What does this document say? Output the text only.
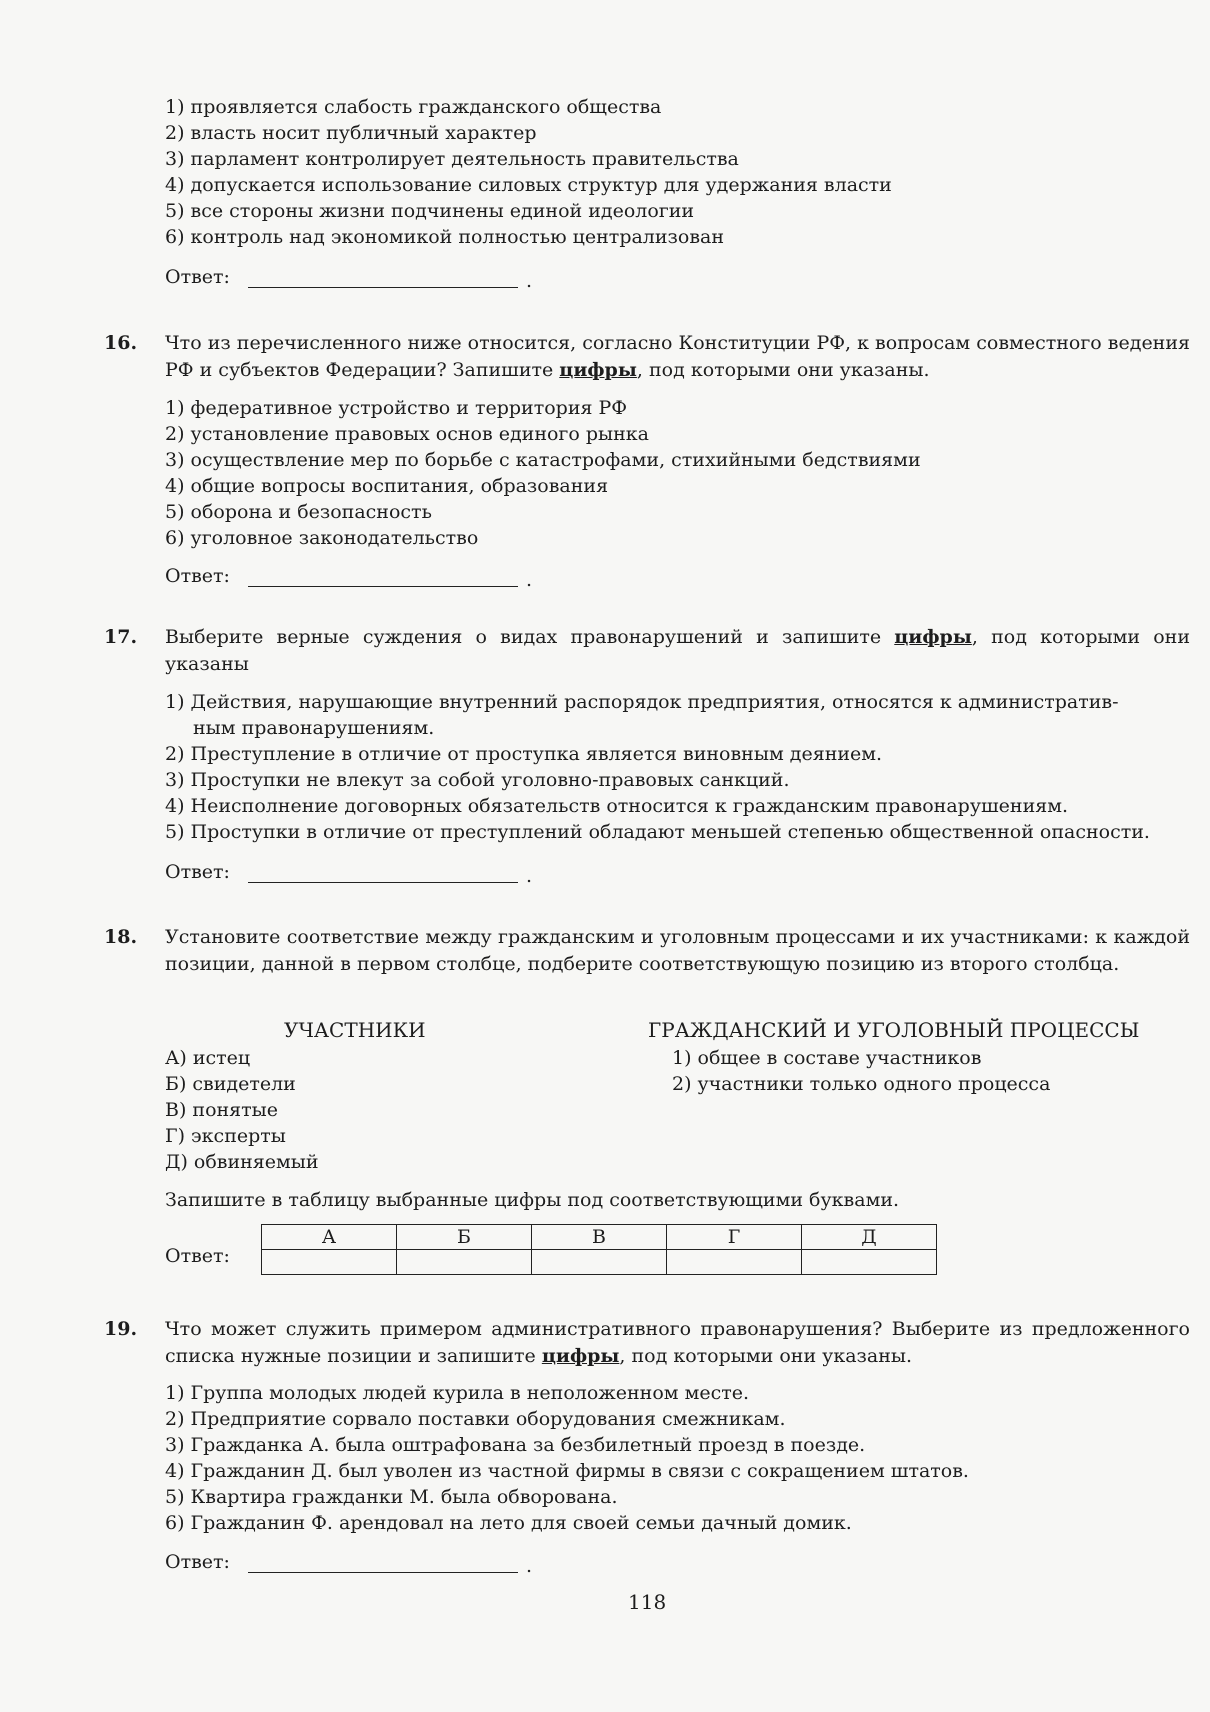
1) проявляется слабость гражданского общества
2) власть носит публичный характер
3) парламент контролирует деятельность правительства
4) допускается использование силовых структур для удержания власти
5) все стороны жизни подчинены единой идеологии
6) контроль над экономикой полностью централизован
Ответ:	.
16. Что из перечисленного ниже относится, согласно Конституции РФ, к вопросам совместного ведения РФ и субъектов Федерации? Запишите цифры, под которыми они указаны.
1) федеративное устройство и территория РФ
2) установление правовых основ единого рынка
3) осуществление мер по борьбе с катастрофами, стихийными бедствиями
4) общие вопросы воспитания, образования
5) оборона и безопасность
6) уголовное законодательство
Ответ:	.
17. Выберите верные суждения о видах правонарушений и запишите цифры, под которыми они указаны
1) Действия, нарушающие внутренний распорядок предприятия, относятся к административ-
ным правонарушениям.
2) Преступление в отличие от проступка является виновным деянием.
3) Проступки не влекут за собой уголовно-правовых санкций.
4) Неисполнение договорных обязательств относится к гражданским правонарушениям.
5) Проступки в отличие от преступлений обладают меньшей степенью общественной опасности.
Ответ:	.
18. Установите соответствие между гражданским и уголовным процессами и их участниками: к каждой позиции, данной в первом столбце, подберите соответствующую позицию из второго столбца.
УЧАСТНИКИ	ГРАЖДАНСКИЙ И УГОЛОВНЫЙ ПРОЦЕССЫ
А) истец
Б) свидетели
В) понятые
Г) эксперты
Д) обвиняемый
1) общее в составе участников
2) участники только одного процесса
Запишите в таблицу выбранные цифры под соответствующими буквами.
Ответ:
А	Б	В	Г	Д

19. Что может служить примером административного правонарушения? Выберите из предложенного списка нужные позиции и запишите цифры, под которыми они указаны.
1) Группа молодых людей курила в неположенном месте.
2) Предприятие сорвало поставки оборудования смежникам.
3) Гражданка А. была оштрафована за безбилетный проезд в поезде.
4) Гражданин Д. был уволен из частной фирмы в связи с сокращением штатов.
5) Квартира гражданки М. была обворована.
6) Гражданин Ф. арендовал на лето для своей семьи дачный домик.
Ответ:	.
118
